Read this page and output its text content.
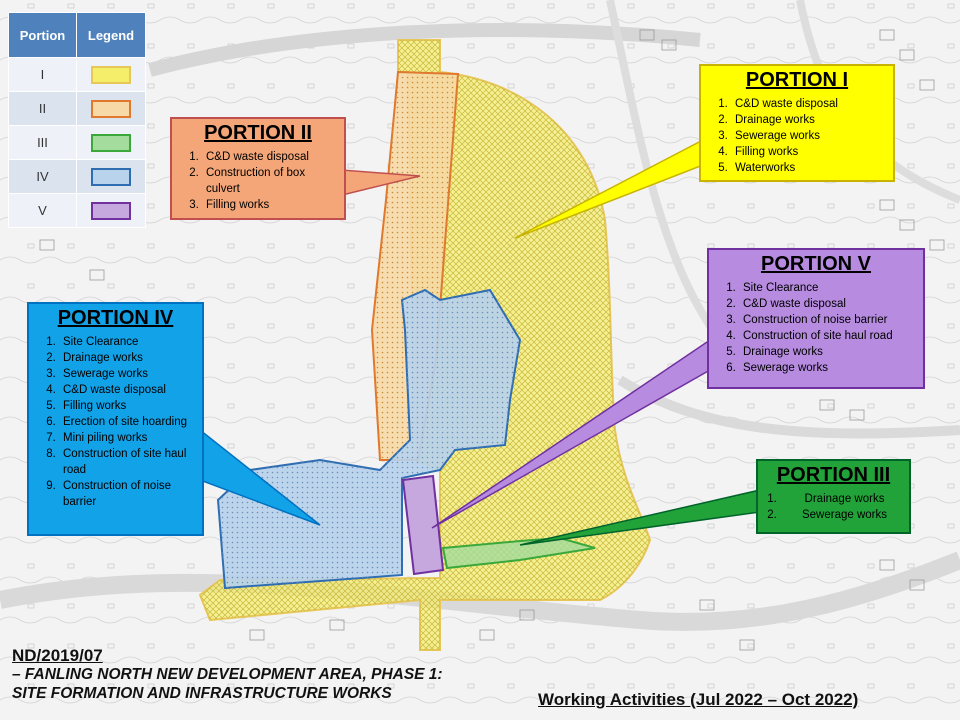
Portion	Legend
I	
II	
III	
IV	
V	
PORTION I
1. C&D waste disposal
2. Drainage works
3. Sewerage works
4. Filling works
5. Waterworks
PORTION II
1. C&D waste disposal
2. Construction of box culvert
3. Filling works
PORTION V
1. Site Clearance
2. C&D waste disposal
3. Construction of noise barrier
4. Construction of site haul road
5. Drainage works
6. Sewerage works
PORTION IV
1. Site Clearance
2. Drainage works
3. Sewerage works
4. C&D waste disposal
5. Filling works
6. Erection of site hoarding
7. Mini piling works
8. Construction of site haul road
9. Construction of noise barrier
PORTION III
1. Drainage works
2. Sewerage works
ND/2019/07
– FANLING NORTH NEW DEVELOPMENT AREA, PHASE 1:
SITE FORMATION AND INFRASTRUCTURE WORKS	Working Activities (Jul 2022 – Oct 2022)
